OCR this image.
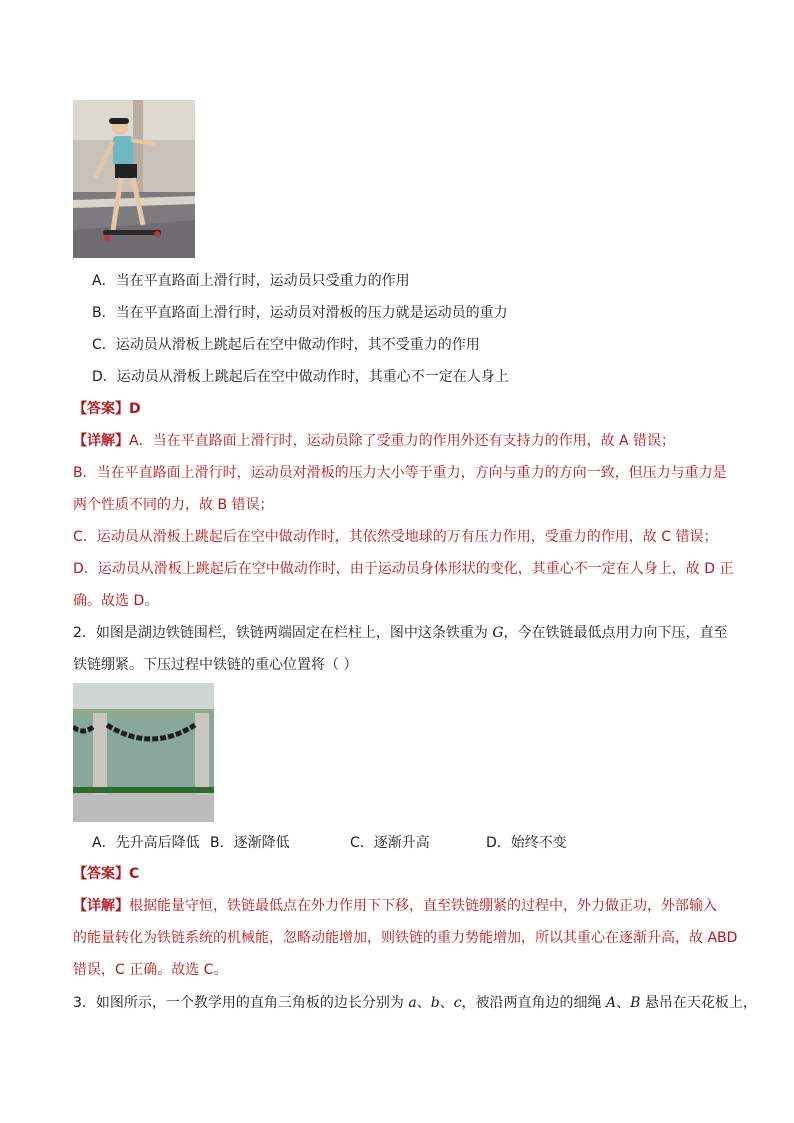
A．当在平直路面上滑行时，运动员只受重力的作用
B．当在平直路面上滑行时，运动员对滑板的压力就是运动员的重力
C．运动员从滑板上跳起后在空中做动作时，其不受重力的作用
D．运动员从滑板上跳起后在空中做动作时，其重心不一定在人身上
【答案】D
【详解】A．当在平直路面上滑行时，运动员除了受重力的作用外还有支持力的作用，故 A 错误；
B．当在平直路面上滑行时，运动员对滑板的压力大小等于重力，方向与重力的方向一致，但压力与重力是
两个性质不同的力，故 B 错误；
C．运动员从滑板上跳起后在空中做动作时，其依然受地球的万有压力作用，受重力的作用，故 C 错误；
D．运动员从滑板上跳起后在空中做动作时，由于运动员身体形状的变化，其重心不一定在人身上，故 D 正
确。故选 D。
2．如图是湖边铁链围栏，铁链两端固定在栏柱上，图中这条铁重为 G，今在铁链最低点用力向下压，直至
铁链绷紧。下压过程中铁链的重心位置将（ ）
A．先升高后降低 B．逐渐降低	C．逐渐升高	D．始终不变
【答案】C
【详解】根据能量守恒，铁链最低点在外力作用下下移，直至铁链绷紧的过程中，外力做正功，外部输入
的能量转化为铁链系统的机械能，忽略动能增加，则铁链的重力势能增加，所以其重心在逐渐升高，故 ABD
错误，C 正确。故选 C。
3．如图所示，一个教学用的直角三角板的边长分别为 a、b、c，被沿两直角边的细绳 A、B 悬吊在天花板上，
